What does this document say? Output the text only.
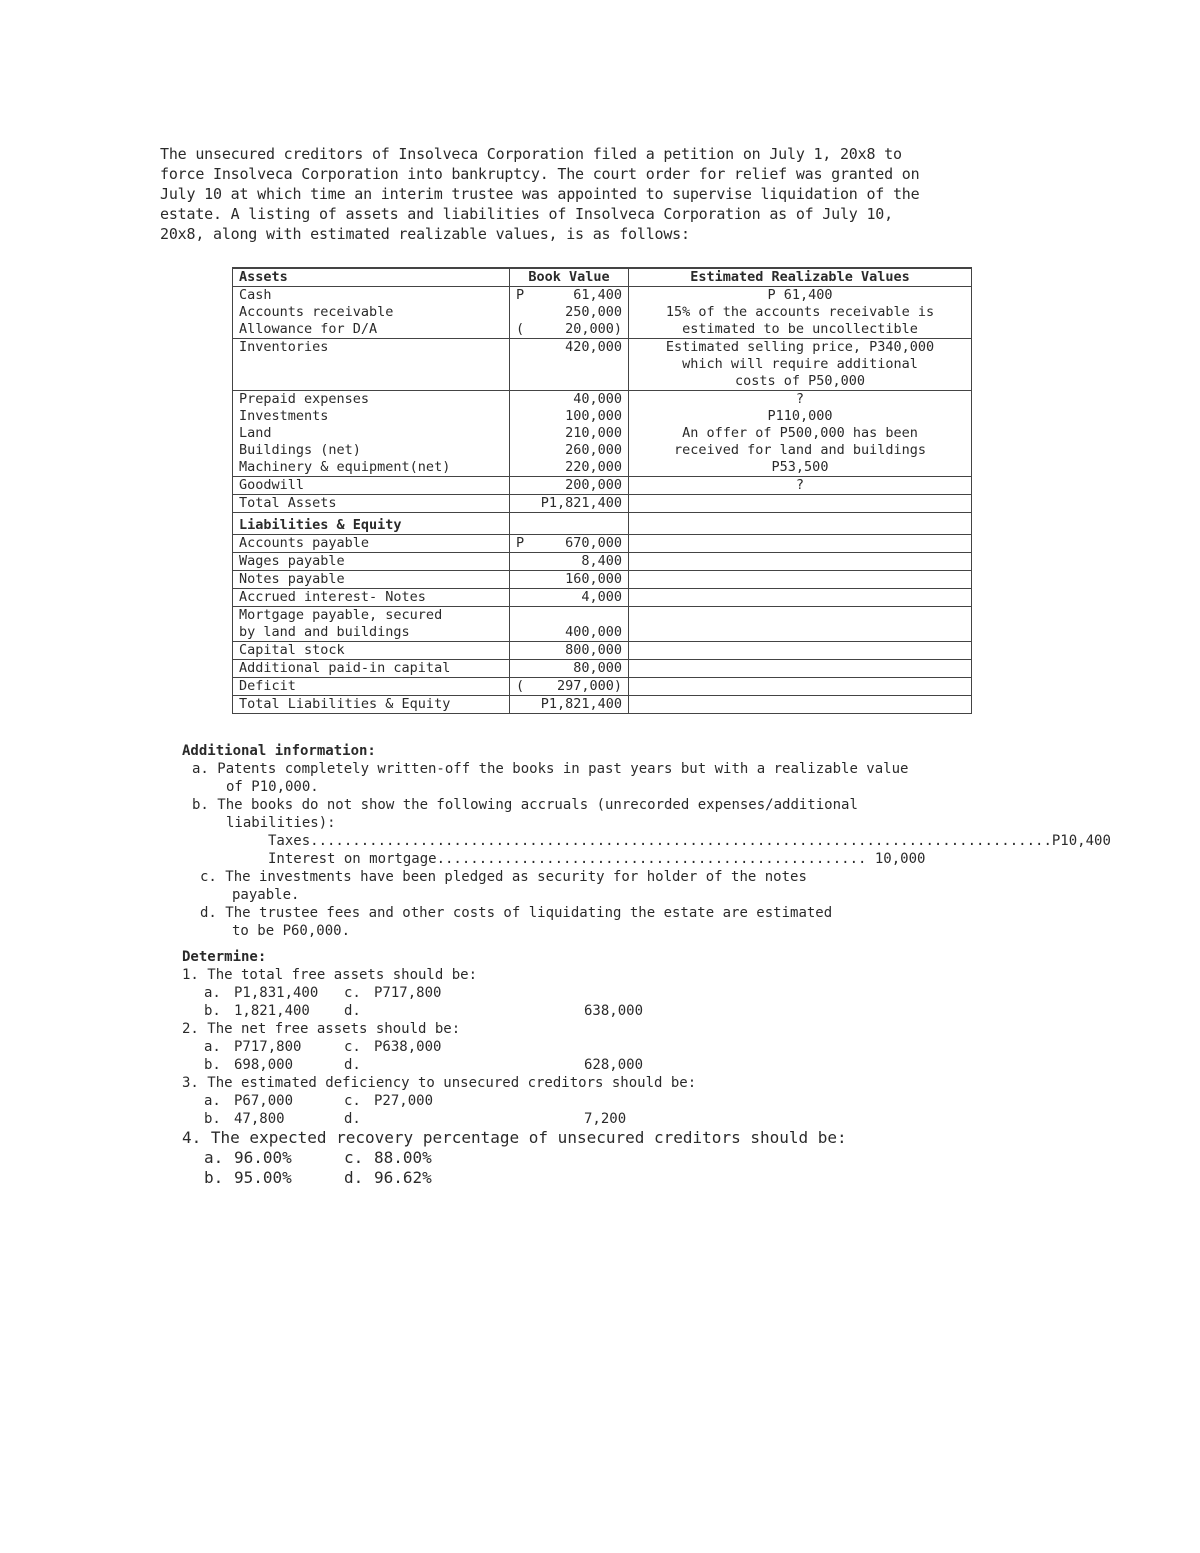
The unsecured creditors of Insolvecа Corporation filed a petition on July 1, 20x8 to

force Insolveca Corporation into bankruptcy. The court order for relief was granted on

July 10 at which time an interim trustee was appointed to supervise liquidation of the

estate. A listing of assets and liabilities of Insolveca Corporation as of July 10,

20x8, along with estimated realizable values, is as follows:

Assets	Book Value	Estimated Realizable Values
Cash	P 61,400	P 61,400

Accounts receivable	250,000	15% of the accounts receivable is

Allowance for D/A	( 20,000)	estimated to be uncollectible

Inventories	420,000	Estimated selling price, P340,000
which will require additional
costs of P50,000

Prepaid expenses	40,000	?

Investments	100,000	P110,000

Land	210,000	An offer of P500,000 has been

Buildings (net)	260,000	received for land and buildings

Machinery & equipment(net)	220,000	P53,500

Goodwill	200,000	?

Total Assets	P1,821,400	

Liabilities & Equity		
Accounts payable	P 670,000	
Wages payable	8,400	
Notes payable	160,000	
Accrued interest- Notes	4,000	
Mortgage payable, secured	

by land and buildings	400,000	
Capital stock	800,000	
Additional paid-in capital	80,000	
Deficit	( 297,000)	
Total Liabilities & Equity	P1,821,400	
Additional information:
a. Patents completely written-off the books in past years but with a realizable value
of P10,000.
b. The books do not show the following accruals (unrecorded expenses/additional
liabilities):
Taxes........................................................................................P10,400
Interest on mortgage................................................... 10,000
c. The investments have been pledged as security for holder of the notes
payable.
d. The trustee fees and other costs of liquidating the estate are estimated
to be P60,000.
Determine:
1. The total free assets should be:
a. P1,831,400	c. P717,800
b. 1,821,400	d.	638,000
2. The net free assets should be:
a. P717,800	c. P638,000
b. 698,000	d.	628,000
3. The estimated deficiency to unsecured creditors should be:
a. P67,000	c. P27,000
b. 47,800	d.	7,200
4. The expected recovery percentage of unsecured creditors should be:
a. 96.00%	c. 88.00%
b. 95.00%	d. 96.62%
